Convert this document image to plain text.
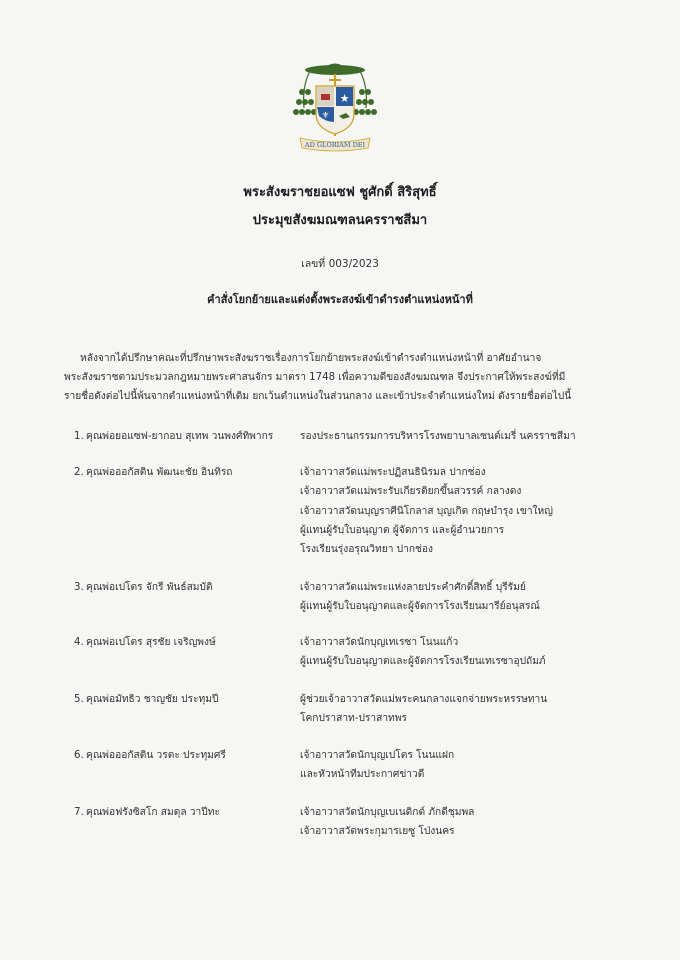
★
⚜
AD GLORIAM DEI
พระสังฆราชยอแซฟ ชูศักดิ์ สิริสุทธิ์
ประมุขสังฆมณฑลนครราชสีมา
เลขที่ 003/2023
คำสั่งโยกย้ายและแต่งตั้งพระสงฆ์เข้าดำรงตำแหน่งหน้าที่
หลังจากได้ปรึกษาคณะที่ปรึกษาพระสังฆราชเรื่องการโยกย้ายพระสงฆ์เข้าดำรงตำแหน่งหน้าที่ อาศัยอำนาจ
พระสังฆราชตามประมวลกฎหมายพระศาสนจักร มาตรา 1748 เพื่อความดีของสังฆมณฑล จึงประกาศให้พระสงฆ์ที่มี
รายชื่อดังต่อไปนี้พ้นจากตำแหน่งหน้าที่เดิม ยกเว้นตำแหน่งในส่วนกลาง และเข้าประจำตำแหน่งใหม่ ดังรายชื่อต่อไปนี้
1. คุณพ่อยอแซฟ-ยากอบ สุเทพ วนพงศ์ทิพากร	รองประธานกรรมการบริหารโรงพยาบาลเซนต์เมรี่ นครราชสีมา
2. คุณพ่อออกัสติน พัฒนะชัย อินทิรถ	เจ้าอาวาสวัดแม่พระปฏิสนธินิรมล ปากช่อง
เจ้าอาวาสวัดแม่พระรับเกียรติยกขึ้นสวรรค์ กลางดง
เจ้าอาวาสวัดนบุญราศีนิโกลาส บุญเกิด กฤษบำรุง เขาใหญ่
ผู้แทนผู้รับใบอนุญาต ผู้จัดการ และผู้อำนวยการ
โรงเรียนรุ่งอรุณวิทยา ปากช่อง
3. คุณพ่อเปโตร จักรี พันธ์สมบัติ	เจ้าอาวาสวัดแม่พระแห่งลายประคำศักดิ์สิทธิ์ บุรีรัมย์
ผู้แทนผู้รับใบอนุญาตและผู้จัดการโรงเรียนมารีย์อนุสรณ์
4. คุณพ่อเปโตร สุรชัย เจริญพงษ์	เจ้าอาวาสวัดนักบุญเทเรซา โนนแก้ว
ผู้แทนผู้รับใบอนุญาตและผู้จัดการโรงเรียนเทเรซาอุปถัมภ์
5. คุณพ่อมัทธิว ชาญชัย ประทุมปี	ผู้ช่วยเจ้าอาวาสวัดแม่พระคนกลางแจกจ่ายพระหรรษทาน
โคกปราสาท-ปราสาทพร
6. คุณพ่อออกัสติน วรตะ ประทุมศรี	เจ้าอาวาสวัดนักบุญเปโตร โนนแฝก
และหัวหน้าทีมประกาศข่าวดี
7. คุณพ่อฟรังซิสโก สมดุล วาปีทะ	เจ้าอาวาสวัดนักบุญเบเนดิกต์ ภักดีชุมพล
เจ้าอาวาสวัดพระกุมารเยซู โป่งนคร
